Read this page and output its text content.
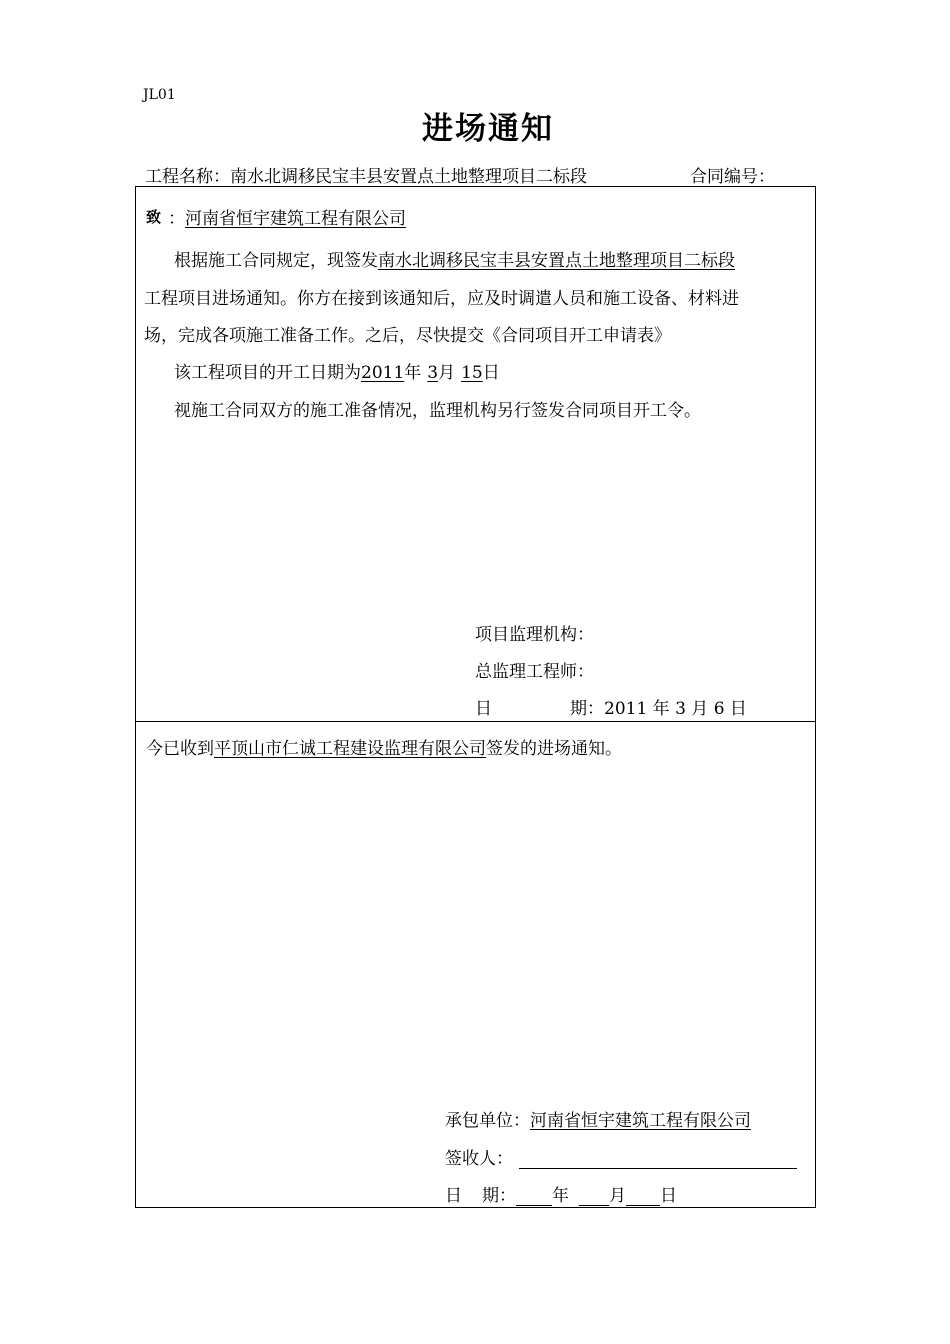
JL01
进场通知
工程名称：南水北调移民宝丰县安置点土地整理项目二标段	合同编号：
致 ：河南省恒宇建筑工程有限公司
根据施工合同规定，现签发南水北调移民宝丰县安置点土地整理项目二标段
工程项目进场通知。你方在接到该通知后，应及时调遣人员和施工设备、材料进
场，完成各项施工准备工作。之后，尽快提交《合同项目开工申请表》
该工程项目的开工日期为2011年 3月 15日
视施工合同双方的施工准备情况，监理机构另行签发合同项目开工令。
项目监理机构：
总监理工程师：
日	期：2011 年 3 月 6 日
今已收到平顶山市仁诚工程建设监理有限公司签发的进场通知。
承包单位：河南省恒宇建筑工程有限公司
签收人：
日 期： 年 月 日
